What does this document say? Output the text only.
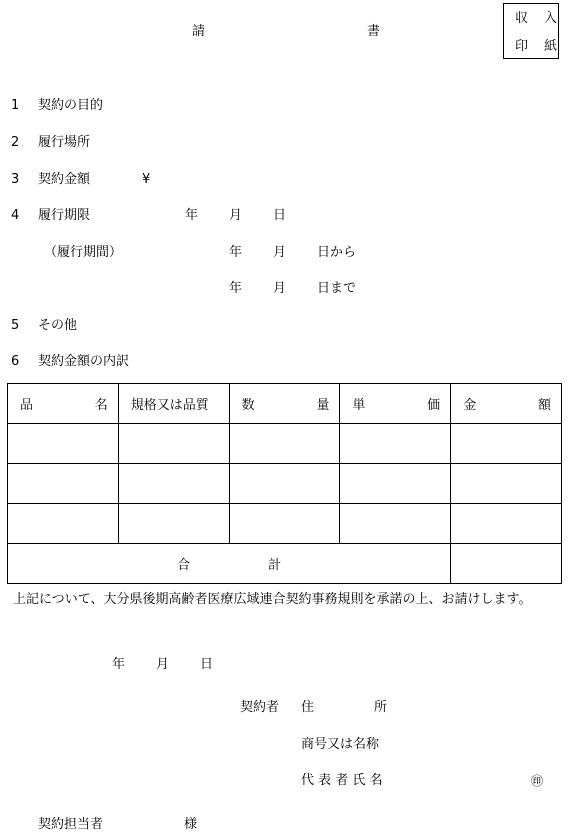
請	書
収 入
印 紙
1 契約の目的
2 履行場所
3 契約金額	¥
4 履行期限	年 月 日
（履行期間）	年 月 日から
年 月 日まで
5 その他
6 契約金額の内訳
品 名	規格又は品質	数 量	単 価	金 額

合 計				
上記について、大分県後期高齢者医療広域連合契約事務規則を承諾の上、お請けします。
年 月 日
契約者 住	所
商号又は名称
代 表 者 氏 名	㊞
契約担当者	様
